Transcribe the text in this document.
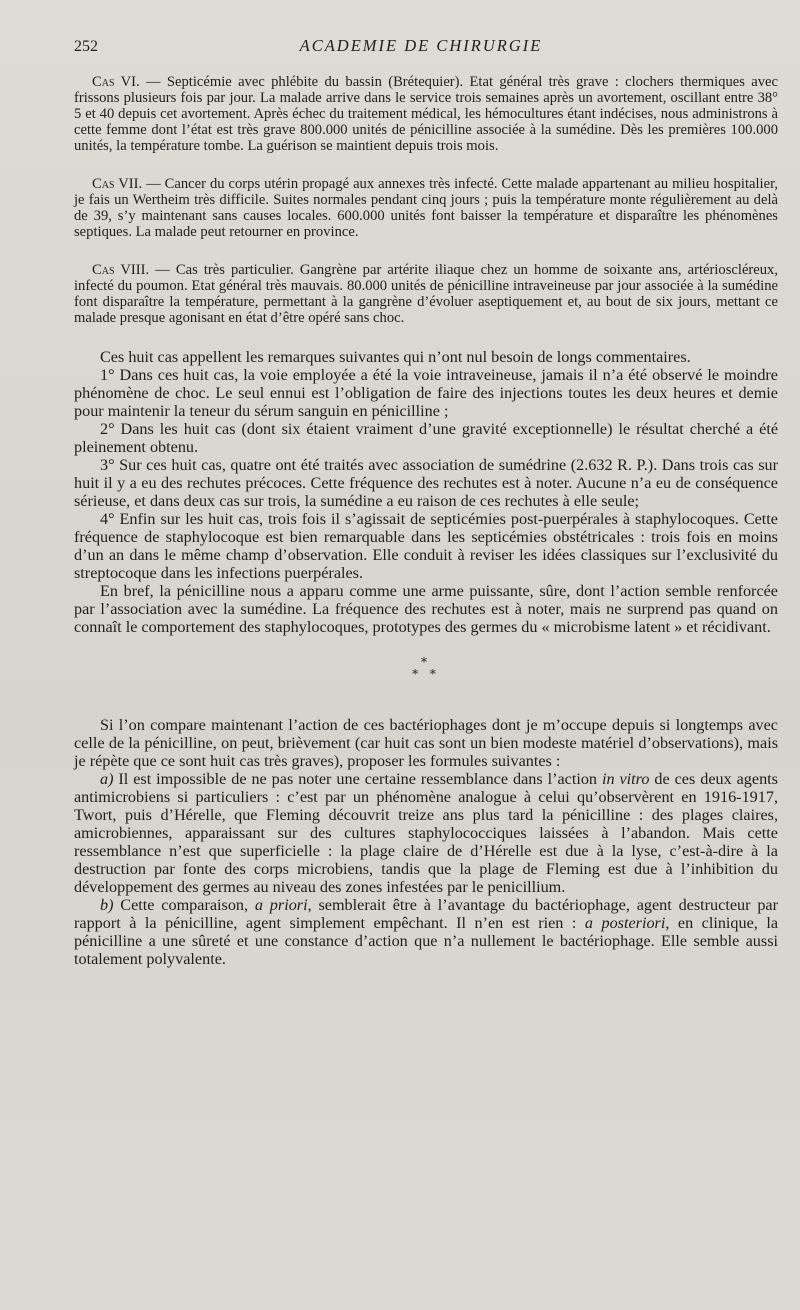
252	ACADEMIE DE CHIRURGIE

Cas VI. — Septicémie avec phlébite du bassin (Brétequier). Etat général très grave : clochers thermiques avec frissons plusieurs fois par jour. La malade arrive dans le service trois semaines après un avortement, oscillant entre 38° 5 et 40 depuis cet avortement. Après échec du traitement médical, les hémocultures étant indécises, nous administrons à cette femme dont l’état est très grave 800.000 unités de pénicilline associée à la sumédine. Dès les premières 100.000 unités, la température tombe. La guérison se maintient depuis trois mois.

Cas VII. — Cancer du corps utérin propagé aux annexes très infecté. Cette malade appartenant au milieu hospitalier, je fais un Wertheim très difficile. Suites normales pendant cinq jours ; puis la température monte régulièrement au delà de 39, s’y maintenant sans causes locales. 600.000 unités font baisser la température et disparaître les phénomènes septiques. La malade peut retourner en province.

Cas VIII. — Cas très particulier. Gangrène par artérite iliaque chez un homme de soixante ans, artérioscléreux, infecté du poumon. Etat général très mauvais. 80.000 unités de pénicilline intraveineuse par jour associée à la sumédine font disparaître la température, permettant à la gangrène d’évoluer aseptiquement et, au bout de six jours, mettant ce malade presque agonisant en état d’être opéré sans choc.

Ces huit cas appellent les remarques suivantes qui n’ont nul besoin de longs commentaires.

1° Dans ces huit cas, la voie employée a été la voie intraveineuse, jamais il n’a été observé le moindre phénomène de choc. Le seul ennui est l’obligation de faire des injections toutes les deux heures et demie pour maintenir la teneur du sérum sanguin en pénicilline ;

2° Dans les huit cas (dont six étaient vraiment d’une gravité exceptionnelle) le résultat cherché a été pleinement obtenu.

3° Sur ces huit cas, quatre ont été traités avec association de sumédrine (2.632 R. P.). Dans trois cas sur huit il y a eu des rechutes précoces. Cette fréquence des rechutes est à noter. Aucune n’a eu de conséquence sérieuse, et dans deux cas sur trois, la sumédine a eu raison de ces rechutes à elle seule;

4° Enfin sur les huit cas, trois fois il s’agissait de septicémies post-puerpérales à staphylocoques. Cette fréquence de staphylocoque est bien remarquable dans les septicémies obstétricales : trois fois en moins d’un an dans le même champ d’observation. Elle conduit à reviser les idées classiques sur l’exclusivité du streptocoque dans les infections puerpérales.

En bref, la pénicilline nous a apparu comme une arme puissante, sûre, dont l’action semble renforcée par l’association avec la sumédine. La fréquence des rechutes est à noter, mais ne surprend pas quand on connaît le comportement des staphylocoques, prototypes des germes du « microbisme latent » et récidivant.

*
* *

Si l’on compare maintenant l’action de ces bactériophages dont je m’occupe depuis si longtemps avec celle de la pénicilline, on peut, brièvement (car huit cas sont un bien modeste matériel d’observations), mais je répète que ce sont huit cas très graves), proposer les formules suivantes :

a) Il est impossible de ne pas noter une certaine ressemblance dans l’action in vitro de ces deux agents antimicrobiens si particuliers : c’est par un phénomène analogue à celui qu’observèrent en 1916-1917, Twort, puis d’Hérelle, que Fleming découvrit treize ans plus tard la pénicilline : des plages claires, amicrobiennes, apparaissant sur des cultures staphylococciques laissées à l’abandon. Mais cette ressemblance n’est que superficielle : la plage claire de d’Hérelle est due à la lyse, c’est-à-dire à la destruction par fonte des corps microbiens, tandis que la plage de Fleming est due à l’inhibition du développement des germes au niveau des zones infestées par le penicillium.

b) Cette comparaison, a priori, semblerait être à l’avantage du bactériophage, agent destructeur par rapport à la pénicilline, agent simplement empêchant. Il n’en est rien : a posteriori, en clinique, la pénicilline a une sûreté et une constance d’action que n’a nullement le bactériophage. Elle semble aussi totalement polyvalente.
